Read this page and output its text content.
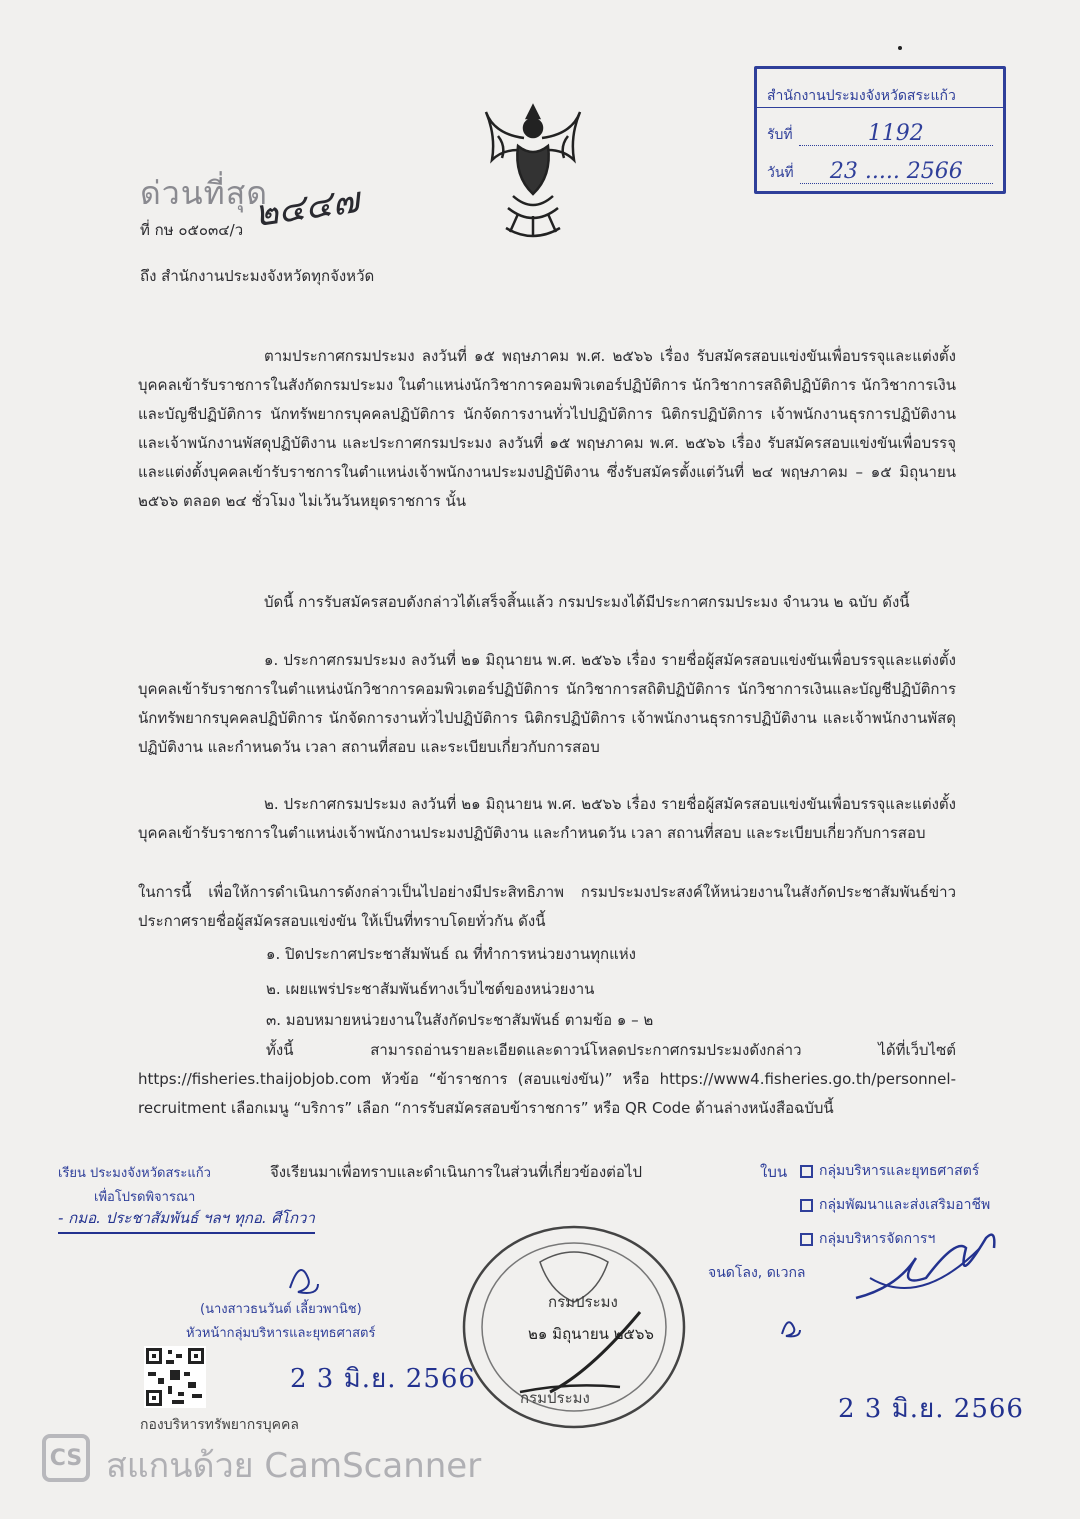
สำนักงานประมงจังหวัดสระแก้ว
รับที่	1192
วันที่	23 ..... 2566
ด่วนที่สุด
๒๔๔๗
ที่ กษ ๐๕๐๓๔/ว
ถึง สำนักงานประมงจังหวัดทุกจังหวัด
ตามประกาศกรมประมง ลงวันที่ ๑๕ พฤษภาคม พ.ศ. ๒๕๖๖ เรื่อง รับสมัครสอบแข่งขันเพื่อบรรจุและแต่งตั้งบุคคลเข้ารับราชการในสังกัดกรมประมง ในตำแหน่งนักวิชาการคอมพิวเตอร์ปฏิบัติการ นักวิชาการสถิติปฏิบัติการ นักวิชาการเงินและบัญชีปฏิบัติการ นักทรัพยากรบุคคลปฏิบัติการ นักจัดการงานทั่วไปปฏิบัติการ นิติกรปฏิบัติการ เจ้าพนักงานธุรการปฏิบัติงาน และเจ้าพนักงานพัสดุปฏิบัติงาน และประกาศกรมประมง ลงวันที่ ๑๕ พฤษภาคม พ.ศ. ๒๕๖๖ เรื่อง รับสมัครสอบแข่งขันเพื่อบรรจุและแต่งตั้งบุคคลเข้ารับราชการในตำแหน่งเจ้าพนักงานประมงปฏิบัติงาน ซึ่งรับสมัครตั้งแต่วันที่ ๒๔ พฤษภาคม – ๑๕ มิถุนายน ๒๕๖๖ ตลอด ๒๔ ชั่วโมง ไม่เว้นวันหยุดราชการ นั้น
บัดนี้ การรับสมัครสอบดังกล่าวได้เสร็จสิ้นแล้ว กรมประมงได้มีประกาศกรมประมง จำนวน ๒ ฉบับ ดังนี้
๑. ประกาศกรมประมง ลงวันที่ ๒๑ มิถุนายน พ.ศ. ๒๕๖๖ เรื่อง รายชื่อผู้สมัครสอบแข่งขันเพื่อบรรจุและแต่งตั้งบุคคลเข้ารับราชการในตำแหน่งนักวิชาการคอมพิวเตอร์ปฏิบัติการ นักวิชาการสถิติปฏิบัติการ นักวิชาการเงินและบัญชีปฏิบัติการ นักทรัพยากรบุคคลปฏิบัติการ นักจัดการงานทั่วไปปฏิบัติการ นิติกรปฏิบัติการ เจ้าพนักงานธุรการปฏิบัติงาน และเจ้าพนักงานพัสดุปฏิบัติงาน และกำหนดวัน เวลา สถานที่สอบ และระเบียบเกี่ยวกับการสอบ
๒. ประกาศกรมประมง ลงวันที่ ๒๑ มิถุนายน พ.ศ. ๒๕๖๖ เรื่อง รายชื่อผู้สมัครสอบแข่งขันเพื่อบรรจุและแต่งตั้งบุคคลเข้ารับราชการในตำแหน่งเจ้าพนักงานประมงปฏิบัติงาน และกำหนดวัน เวลา สถานที่สอบ และระเบียบเกี่ยวกับการสอบ
ในการนี้ เพื่อให้การดำเนินการดังกล่าวเป็นไปอย่างมีประสิทธิภาพ กรมประมงประสงค์ให้หน่วยงานในสังกัดประชาสัมพันธ์ข่าวประกาศรายชื่อผู้สมัครสอบแข่งขัน ให้เป็นที่ทราบโดยทั่วกัน ดังนี้
๑. ปิดประกาศประชาสัมพันธ์ ณ ที่ทำการหน่วยงานทุกแห่ง
๒. เผยแพร่ประชาสัมพันธ์ทางเว็บไซต์ของหน่วยงาน
๓. มอบหมายหน่วยงานในสังกัดประชาสัมพันธ์ ตามข้อ ๑ – ๒
ทั้งนี้ สามารถอ่านรายละเอียดและดาวน์โหลดประกาศกรมประมงดังกล่าว ได้ที่เว็บไซต์ https://fisheries.thaijobjob.com หัวข้อ “ข้าราชการ (สอบแข่งขัน)” หรือ https://www4.fisheries.go.th/personnel-recruitment เลือกเมนู “บริการ” เลือก “การรับสมัครสอบข้าราชการ” หรือ QR Code ด้านล่างหนังสือฉบับนี้
จึงเรียนมาเพื่อทราบและดำเนินการในส่วนที่เกี่ยวข้องต่อไป
เรียน ประมงจังหวัดสระแก้ว
เพื่อโปรดพิจารณา
- กมอ. ประชาสัมพันธ์ ฯลฯ ทุกอ. ศีโกวา
(นางสาวธนวันต์ เลี้ยวพานิช)
หัวหน้ากลุ่มบริหารและยุทธศาสตร์
2 3 มิ.ย. 2566
2 3 มิ.ย. 2566
ใบน กลุ่มบริหารและยุทธศาสตร์
กลุ่มพัฒนาและส่งเสริมอาชีพ
กลุ่มบริหารจัดการฯ
จนดโลง, ดเวกล
กรมประมง
๒๑ มิถุนายน ๒๕๖๖
กรมประมง
กองบริหารทรัพยากรบุคคล
CS สแกนด้วย CamScanner
